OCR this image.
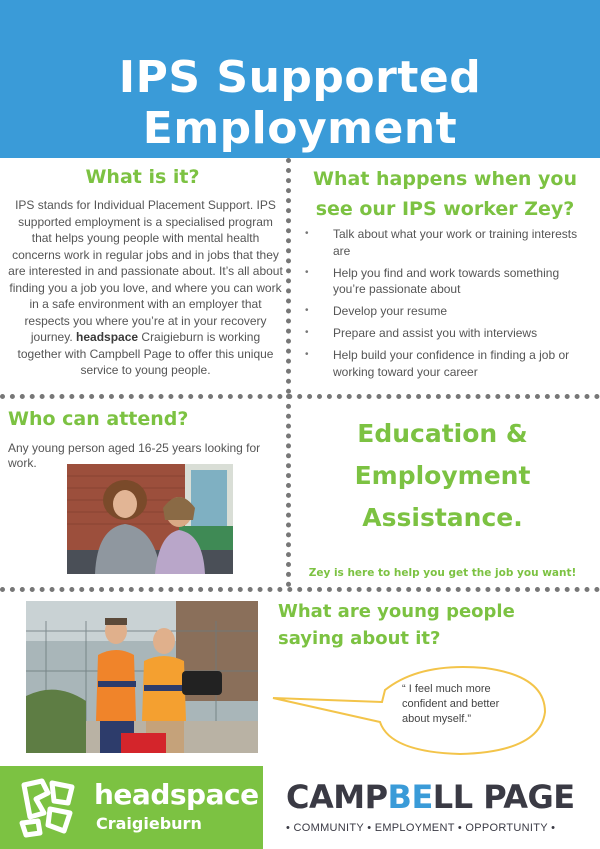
IPS Supported Employment
What is it?

IPS stands for Individual Placement Support. IPS supported employment is a specialised program that helps young people with mental health concerns work in regular jobs and in jobs that they are interested in and passionate about. It’s all about finding you a job you love, and where you can work in a safe environment with an employer that respects you where you’re at in your recovery journey. headspace Craigieburn is working together with Campbell Page to offer this unique service to young people.

What happens when you see our IPS worker Zey?
• Talk about what your work or training interests are
• Help you find and work towards something you’re passionate about
• Develop your resume
• Prepare and assist you with interviews
• Help build your confidence in finding a job or working toward your career
Who can attend?

Any young person aged 16-25 years looking for work.

Education & Employment Assistance.
Zey is here to help you get the job you want!
What are young people saying about it?

“ I feel much more confident and better about myself.”

headspace
Craigieburn
CAMPBELL PAGE
• COMMUNITY • EMPLOYMENT • OPPORTUNITY •
